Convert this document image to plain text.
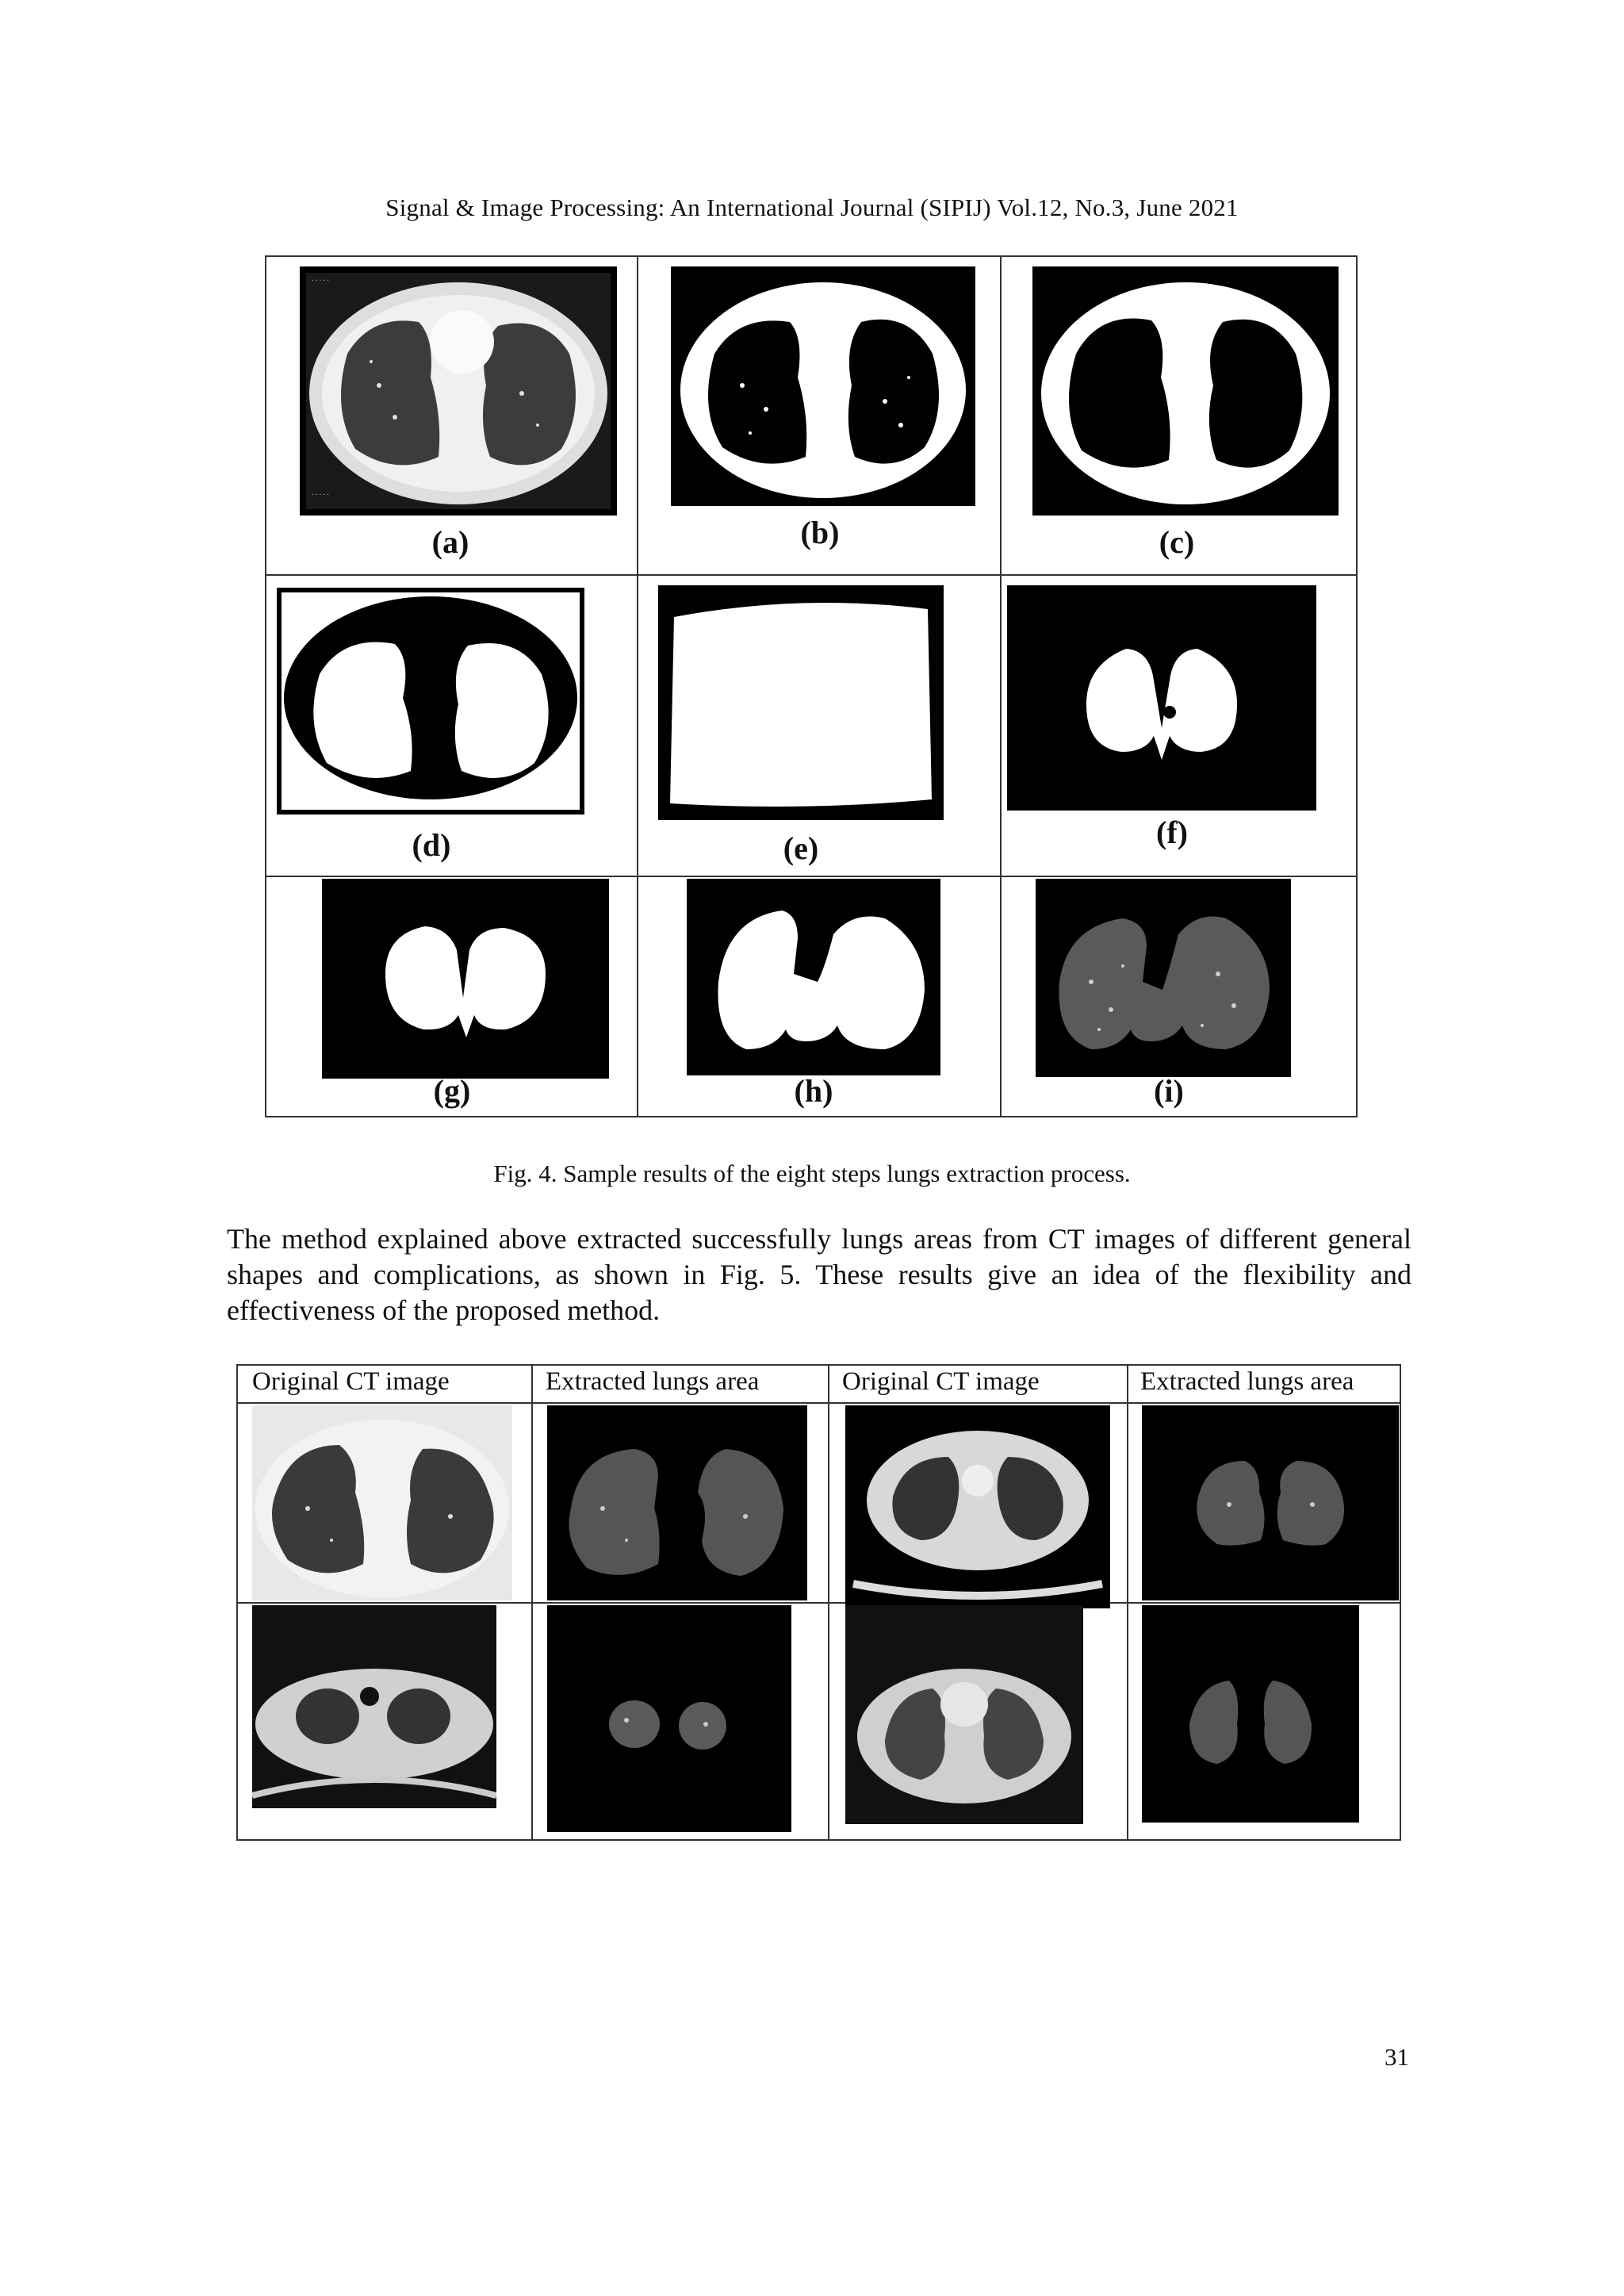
Signal & Image Processing: An International Journal (SIPIJ) Vol.12, No.3, June 2021
·····
·····
(a)	(b)	(c)
(d)	(e)	(f)
(g)	(h)	(i)
Fig. 4. Sample results of the eight steps lungs extraction process.
The method explained above extracted successfully lungs areas from CT images of different general shapes and complications, as shown in Fig. 5. These results give an idea of the flexibility and effectiveness of the proposed method.
Original CT image	Extracted lungs area	Original CT image	Extracted lungs area
31
